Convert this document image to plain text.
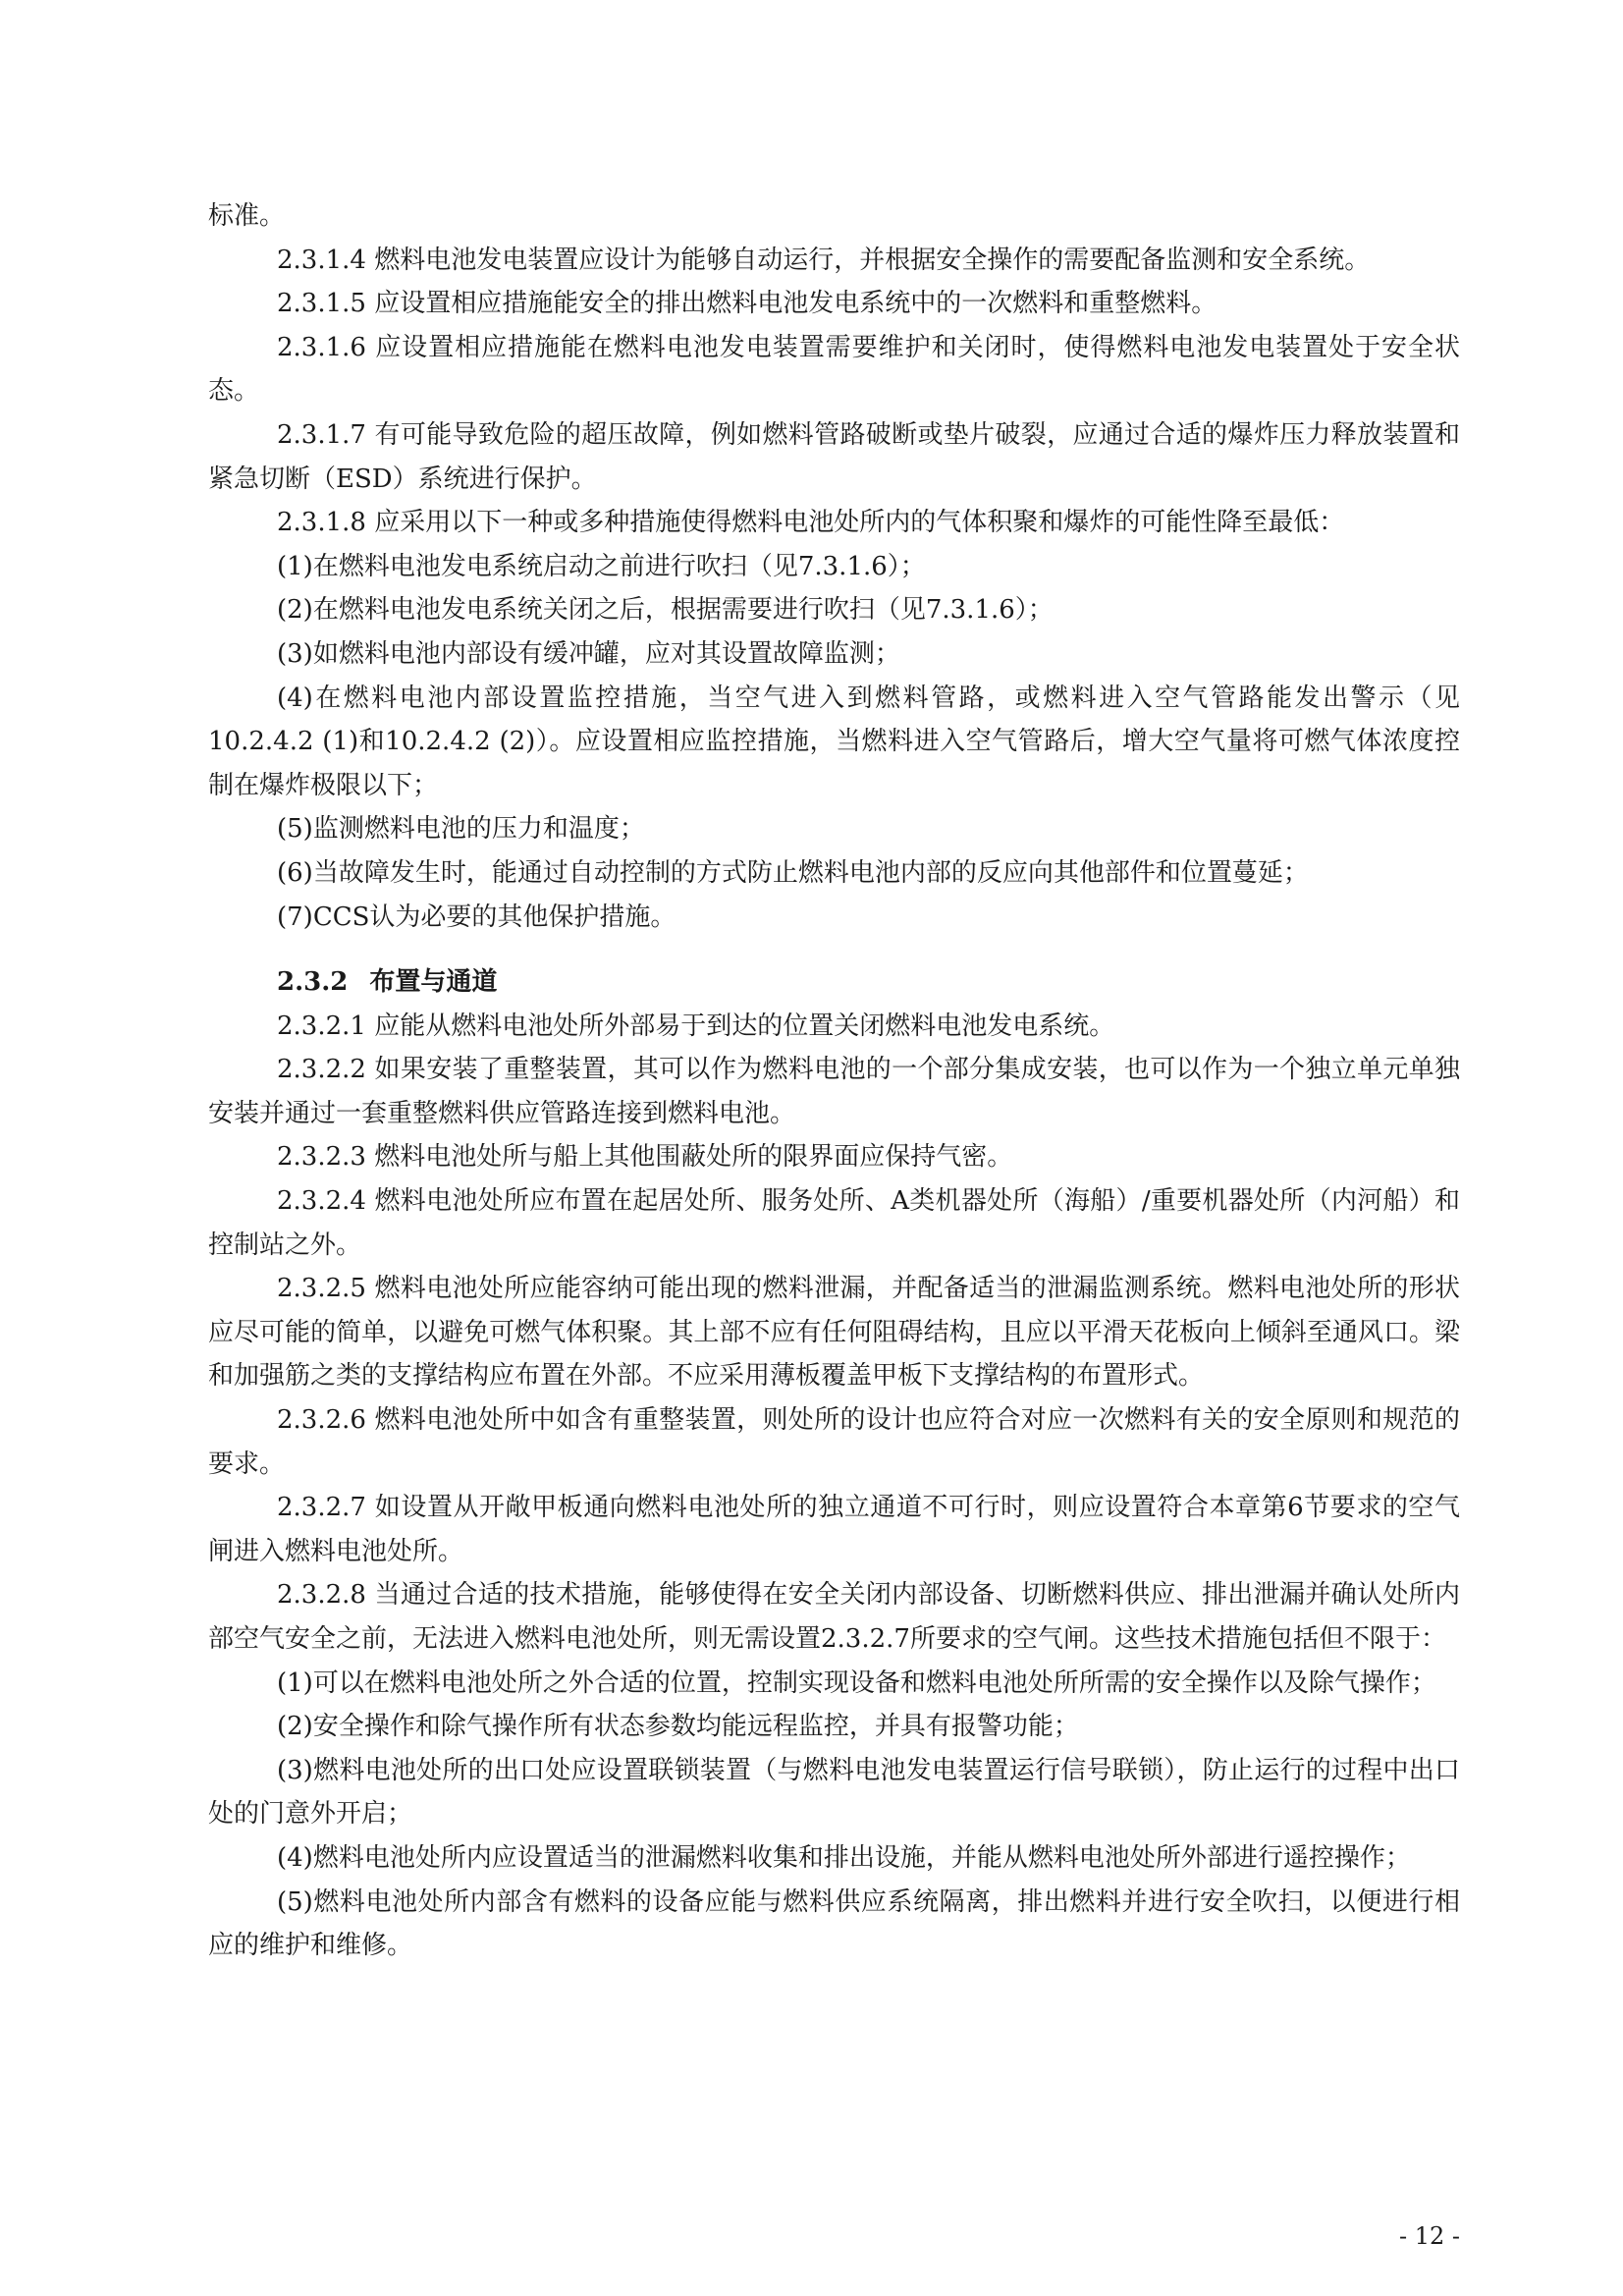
标准。

2.3.1.4 燃料电池发电装置应设计为能够自动运行，并根据安全操作的需要配备监测和安全系统。

2.3.1.5 应设置相应措施能安全的排出燃料电池发电系统中的一次燃料和重整燃料。

2.3.1.6 应设置相应措施能在燃料电池发电装置需要维护和关闭时，使得燃料电池发电装置处于安全状态。

2.3.1.7 有可能导致危险的超压故障，例如燃料管路破断或垫片破裂，应通过合适的爆炸压力释放装置和紧急切断（ESD）系统进行保护。

2.3.1.8 应采用以下一种或多种措施使得燃料电池处所内的气体积聚和爆炸的可能性降至最低：

(1)在燃料电池发电系统启动之前进行吹扫（见7.3.1.6）；

(2)在燃料电池发电系统关闭之后，根据需要进行吹扫（见7.3.1.6）；

(3)如燃料电池内部设有缓冲罐，应对其设置故障监测；

(4)在燃料电池内部设置监控措施，当空气进入到燃料管路，或燃料进入空气管路能发出警示（见10.2.4.2 (1)和10.2.4.2 (2)）。应设置相应监控措施，当燃料进入空气管路后，增大空气量将可燃气体浓度控制在爆炸极限以下；

(5)监测燃料电池的压力和温度；

(6)当故障发生时，能通过自动控制的方式防止燃料电池内部的反应向其他部件和位置蔓延；

(7)CCS认为必要的其他保护措施。

2.3.2 布置与通道

2.3.2.1 应能从燃料电池处所外部易于到达的位置关闭燃料电池发电系统。

2.3.2.2 如果安装了重整装置，其可以作为燃料电池的一个部分集成安装，也可以作为一个独立单元单独安装并通过一套重整燃料供应管路连接到燃料电池。

2.3.2.3 燃料电池处所与船上其他围蔽处所的限界面应保持气密。

2.3.2.4 燃料电池处所应布置在起居处所、服务处所、A类机器处所（海船）/重要机器处所（内河船）和控制站之外。

2.3.2.5 燃料电池处所应能容纳可能出现的燃料泄漏，并配备适当的泄漏监测系统。燃料电池处所的形状应尽可能的简单，以避免可燃气体积聚。其上部不应有任何阻碍结构，且应以平滑天花板向上倾斜至通风口。梁和加强筋之类的支撑结构应布置在外部。不应采用薄板覆盖甲板下支撑结构的布置形式。

2.3.2.6 燃料电池处所中如含有重整装置，则处所的设计也应符合对应一次燃料有关的安全原则和规范的要求。

2.3.2.7 如设置从开敞甲板通向燃料电池处所的独立通道不可行时，则应设置符合本章第6节要求的空气闸进入燃料电池处所。

2.3.2.8 当通过合适的技术措施，能够使得在安全关闭内部设备、切断燃料供应、排出泄漏并确认处所内部空气安全之前，无法进入燃料电池处所，则无需设置2.3.2.7所要求的空气闸。这些技术措施包括但不限于：

(1)可以在燃料电池处所之外合适的位置，控制实现设备和燃料电池处所所需的安全操作以及除气操作；

(2)安全操作和除气操作所有状态参数均能远程监控，并具有报警功能；

(3)燃料电池处所的出口处应设置联锁装置（与燃料电池发电装置运行信号联锁），防止运行的过程中出口处的门意外开启；

(4)燃料电池处所内应设置适当的泄漏燃料收集和排出设施，并能从燃料电池处所外部进行遥控操作；

(5)燃料电池处所内部含有燃料的设备应能与燃料供应系统隔离，排出燃料并进行安全吹扫，以便进行相应的维护和维修。

- 12 -
